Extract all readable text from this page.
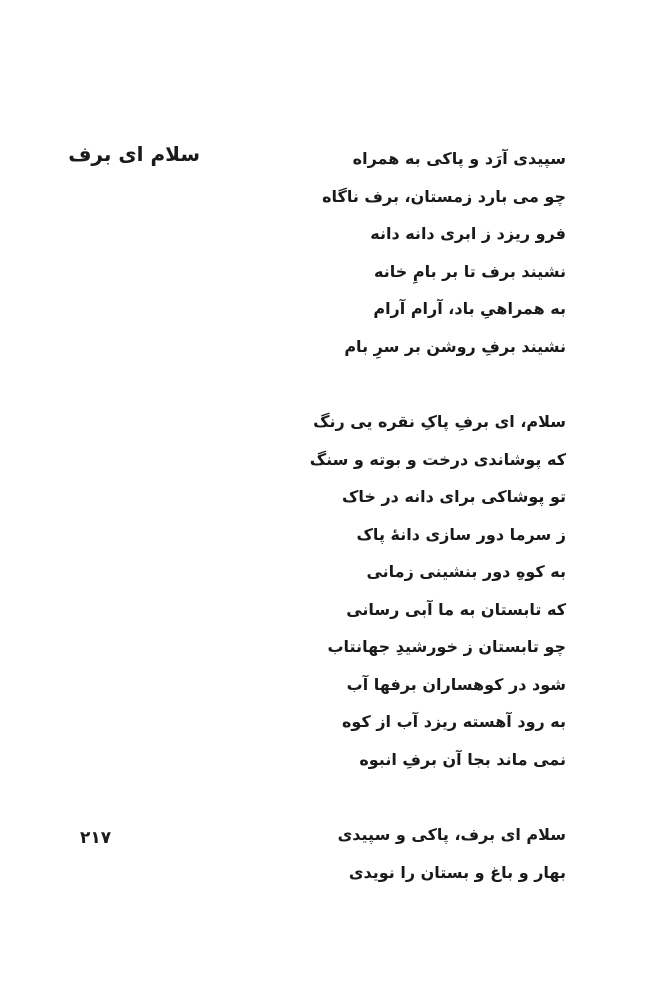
سلام ای برف	سپیدی آرَد و پاکی به همراه
چو می بارد زمستان، برف ناگاه
فرو ریزد ز ابری دانه دانه
نشیند برف تا بر بامِ خانه
به همراهیِ باد، آرام آرام
نشیند برفِ روشن بر سرِ بام
سلام، ای برفِ پاکِ نقره یی رنگ
که پوشاندی درخت و بوته و سنگ
تو پوشاکی برای دانه در خاک
ز سرما دور سازی دانهٔ پاک
به کوهِ دور بنشینی زمانی
که تابستان به ما آبی رسانی
چو تابستان ز خورشیدِ جهانتاب
شود در کوهساران برفها آب
به رود آهسته ریزد آب از کوه
نمی ماند بجا آن برفِ انبوه
سلام ای برف، پاکی و سپیدی
بهار و باغ و بستان را نویدی
۲۱۷
